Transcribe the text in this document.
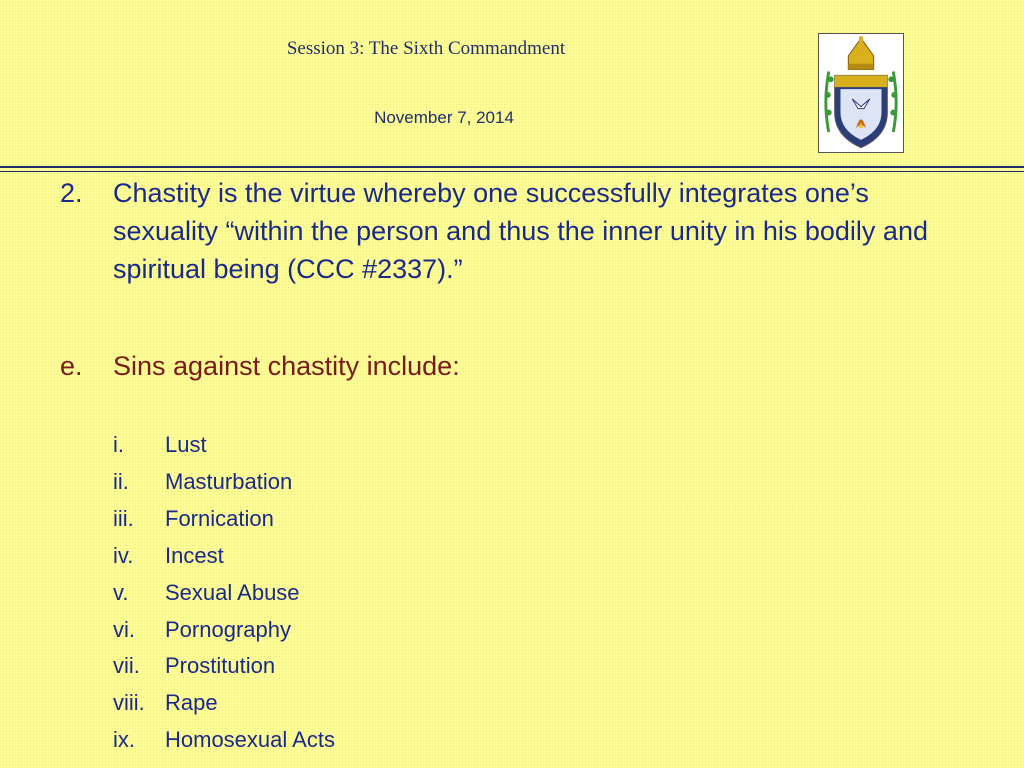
Session 3: The Sixth Commandment
November 7, 2014
2.	Chastity is the virtue whereby one successfully integrates one’s sexuality “within the person and thus the inner unity in his bodily and spiritual being (CCC #2337).”
e.	Sins against chastity include:
i.	Lust
ii.	Masturbation
iii.	Fornication
iv.	Incest
v.	Sexual Abuse
vi.	Pornography
vii.	Prostitution
viii. Rape
ix.	Homosexual Acts
